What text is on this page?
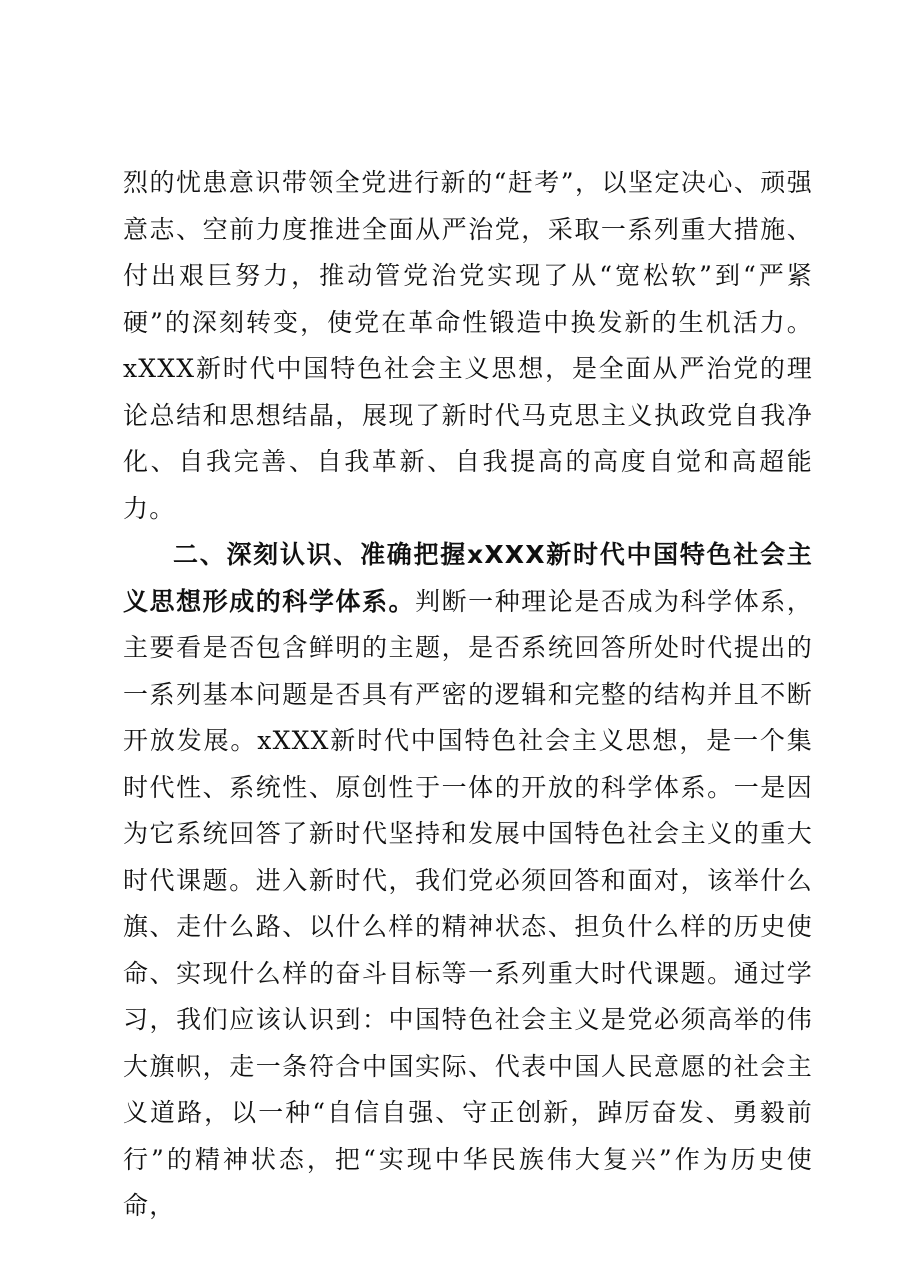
烈的忧患意识带领全党进行新的“赶考”，以坚定决心、顽强意志、空前力度推进全面从严治党，采取一系列重大措施、付出艰巨努力，推动管党治党实现了从“宽松软”到“严紧硬”的深刻转变，使党在革命性锻造中换发新的生机活力。xXXX新时代中国特色社会主义思想，是全面从严治党的理论总结和思想结晶，展现了新时代马克思主义执政党自我净化、自我完善、自我革新、自我提高的高度自觉和高超能力。

二、深刻认识、准确把握xXXX新时代中国特色社会主义思想形成的科学体系。判断一种理论是否成为科学体系，主要看是否包含鲜明的主题，是否系统回答所处时代提出的一系列基本问题是否具有严密的逻辑和完整的结构并且不断开放发展。xXXX新时代中国特色社会主义思想，是一个集时代性、系统性、原创性于一体的开放的科学体系。一是因为它系统回答了新时代坚持和发展中国特色社会主义的重大时代课题。进入新时代，我们党必须回答和面对，该举什么旗、走什么路、以什么样的精神状态、担负什么样的历史使命、实现什么样的奋斗目标等一系列重大时代课题。通过学习，我们应该认识到：中国特色社会主义是党必须高举的伟大旗帜，走一条符合中国实际、代表中国人民意愿的社会主义道路，以一种“自信自强、守正创新，踔厉奋发、勇毅前行”的精神状态，把“实现中华民族伟大复兴”作为历史使命，
